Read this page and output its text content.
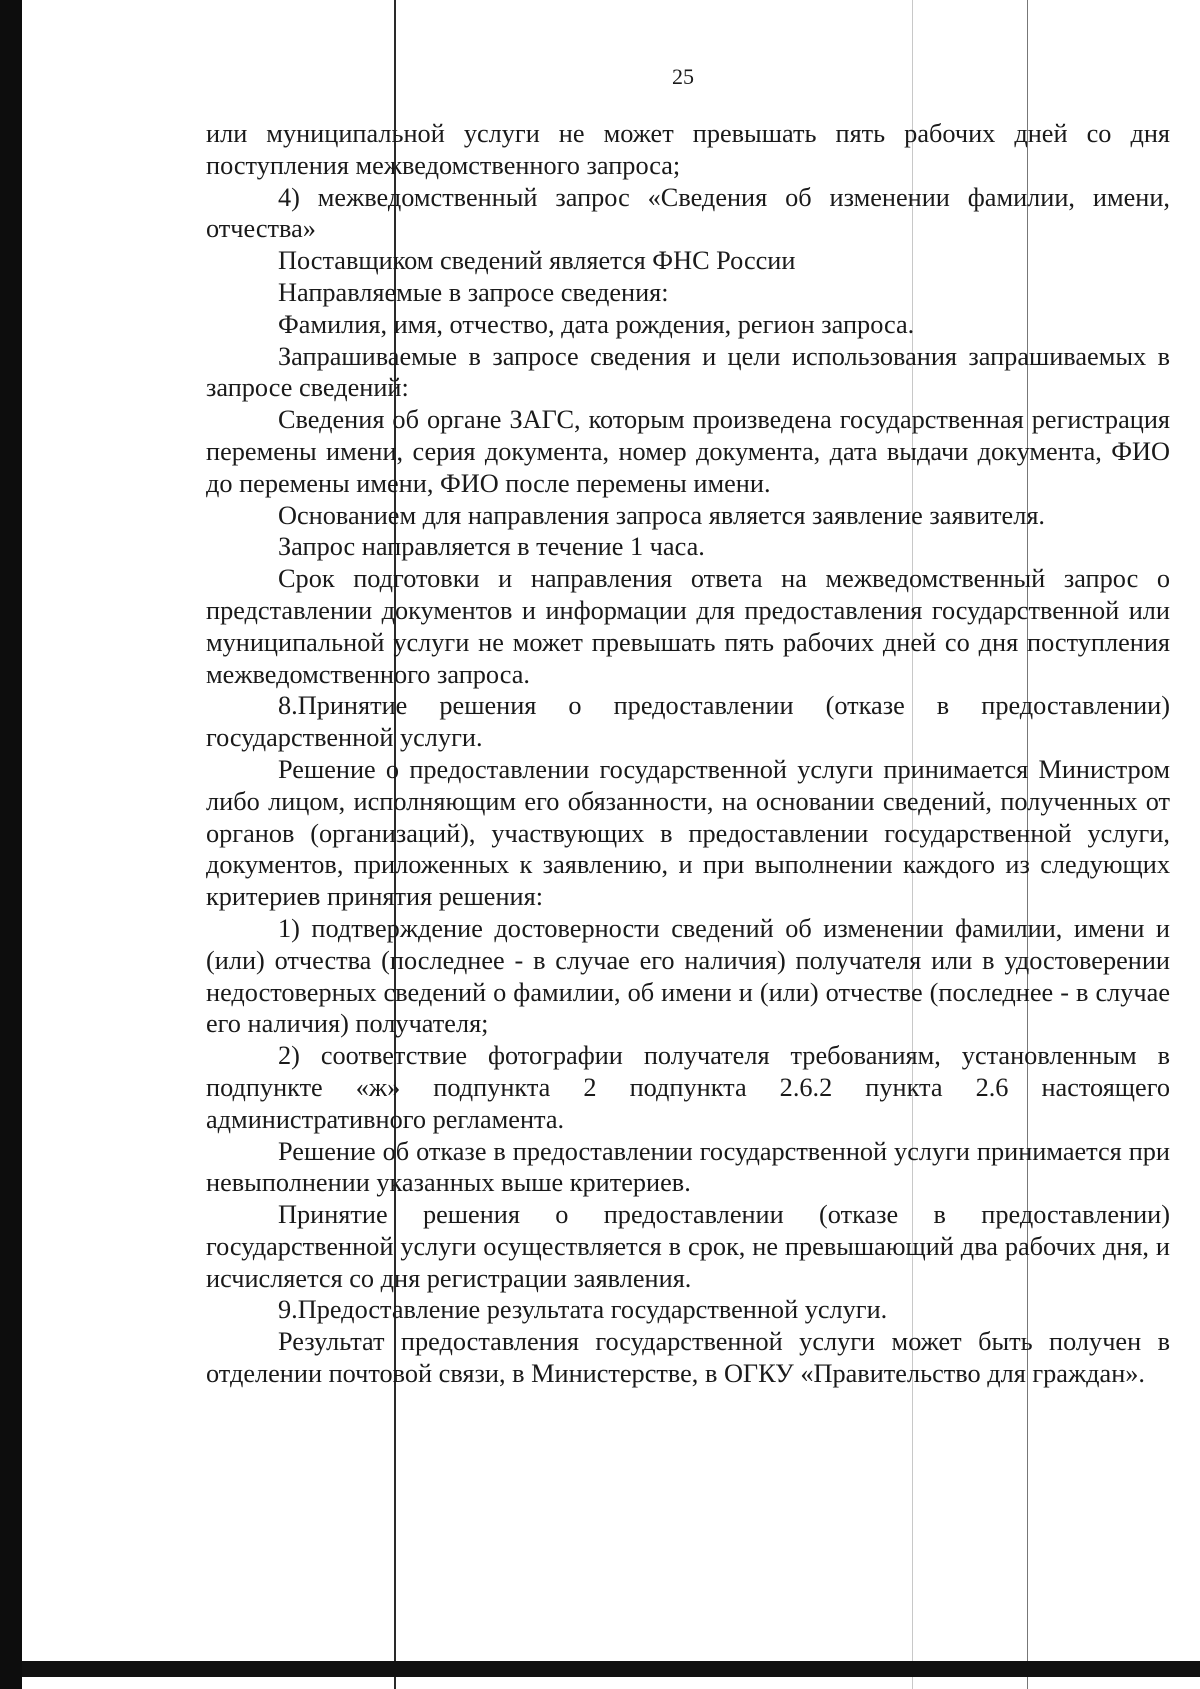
25

или муниципальной услуги не может превышать пять рабочих дней со дня поступления межведомственного запроса;

4) межведомственный запрос «Сведения об изменении фамилии, имени, отчества»

Поставщиком сведений является ФНС России

Направляемые в запросе сведения:

Фамилия, имя, отчество, дата рождения, регион запроса.

Запрашиваемые в запросе сведения и цели использования запрашиваемых в запросе сведений:

Сведения об органе ЗАГС, которым произведена государственная регистрация перемены имени, серия документа, номер документа, дата выдачи документа, ФИО до перемены имени, ФИО после перемены имени.

Основанием для направления запроса является заявление заявителя.

Запрос направляется в течение 1 часа.

Срок подготовки и направления ответа на межведомственный запрос о представлении документов и информации для предоставления государственной или муниципальной услуги не может превышать пять рабочих дней со дня поступления межведомственного запроса.

8.Принятие решения о предоставлении (отказе в предоставлении) государственной услуги.

Решение о предоставлении государственной услуги принимается Министром либо лицом, исполняющим его обязанности, на основании сведений, полученных от органов (организаций), участвующих в предоставлении государственной услуги, документов, приложенных к заявлению, и при выполнении каждого из следующих критериев принятия решения:

1) подтверждение достоверности сведений об изменении фамилии, имени и (или) отчества (последнее - в случае его наличия) получателя или в удостоверении недостоверных сведений о фамилии, об имени и (или) отчестве (последнее - в случае его наличия) получателя;

2) соответствие фотографии получателя требованиям, установленным в подпункте «ж» подпункта 2 подпункта 2.6.2 пункта 2.6 настоящего административного регламента.

Решение об отказе в предоставлении государственной услуги принимается при невыполнении указанных выше критериев.

Принятие решения о предоставлении (отказе в предоставлении) государственной услуги осуществляется в срок, не превышающий два рабочих дня, и исчисляется со дня регистрации заявления.

9.Предоставление результата государственной услуги.

Результат предоставления государственной услуги может быть получен в отделении почтовой связи, в Министерстве, в ОГКУ «Правительство для граждан».
